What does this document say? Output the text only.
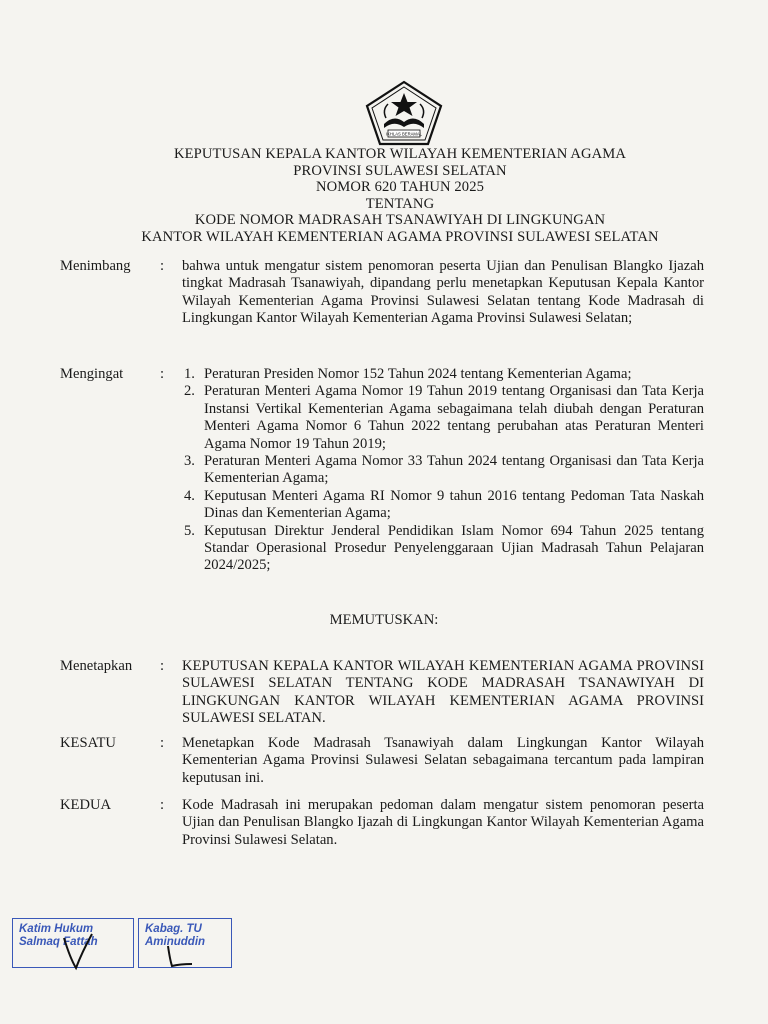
IKHLAS BERAMAL
KEPUTUSAN KEPALA KANTOR WILAYAH KEMENTERIAN AGAMA
PROVINSI SULAWESI SELATAN
NOMOR 620 TAHUN 2025
TENTANG
KODE NOMOR MADRASAH TSANAWIYAH DI LINGKUNGAN
KANTOR WILAYAH KEMENTERIAN AGAMA PROVINSI SULAWESI SELATAN
Menimbang	: bahwa untuk mengatur sistem penomoran peserta Ujian dan Penulisan Blangko Ijazah tingkat Madrasah Tsanawiyah, dipandang perlu menetapkan Keputusan Kepala Kantor Wilayah Kementerian Agama Provinsi Sulawesi Selatan tentang Kode Madrasah di Lingkungan Kantor Wilayah Kementerian Agama Provinsi Sulawesi Selatan;
Mengingat	: 1. Peraturan Presiden Nomor 152 Tahun 2024 tentang Kementerian Agama;
2. Peraturan Menteri Agama Nomor 19 Tahun 2019 tentang Organisasi dan Tata Kerja Instansi Vertikal Kementerian Agama sebagaimana telah diubah dengan Peraturan Menteri Agama Nomor 6 Tahun 2022 tentang perubahan atas Peraturan Menteri Agama Nomor 19 Tahun 2019;
3. Peraturan Menteri Agama Nomor 33 Tahun 2024 tentang Organisasi dan Tata Kerja Kementerian Agama;
4. Keputusan Menteri Agama RI Nomor 9 tahun 2016 tentang Pedoman Tata Naskah Dinas dan Kementerian Agama;
5. Keputusan Direktur Jenderal Pendidikan Islam Nomor 694 Tahun 2025 tentang Standar Operasional Prosedur Penyelenggaraan Ujian Madrasah Tahun Pelajaran 2024/2025;
MEMUTUSKAN:
Menetapkan	: KEPUTUSAN KEPALA KANTOR WILAYAH KEMENTERIAN AGAMA PROVINSI SULAWESI SELATAN TENTANG KODE MADRASAH TSANAWIYAH DI LINGKUNGAN KANTOR WILAYAH KEMENTERIAN AGAMA PROVINSI SULAWESI SELATAN.
KESATU	: Menetapkan Kode Madrasah Tsanawiyah dalam Lingkungan Kantor Wilayah Kementerian Agama Provinsi Sulawesi Selatan sebagaimana tercantum pada lampiran keputusan ini.
KEDUA	: Kode Madrasah ini merupakan pedoman dalam mengatur sistem penomoran peserta Ujian dan Penulisan Blangko Ijazah di Lingkungan Kantor Wilayah Kementerian Agama Provinsi Sulawesi Selatan.
Katim Hukum
Salmaq Fattah
Kabag. TU
Aminuddin
